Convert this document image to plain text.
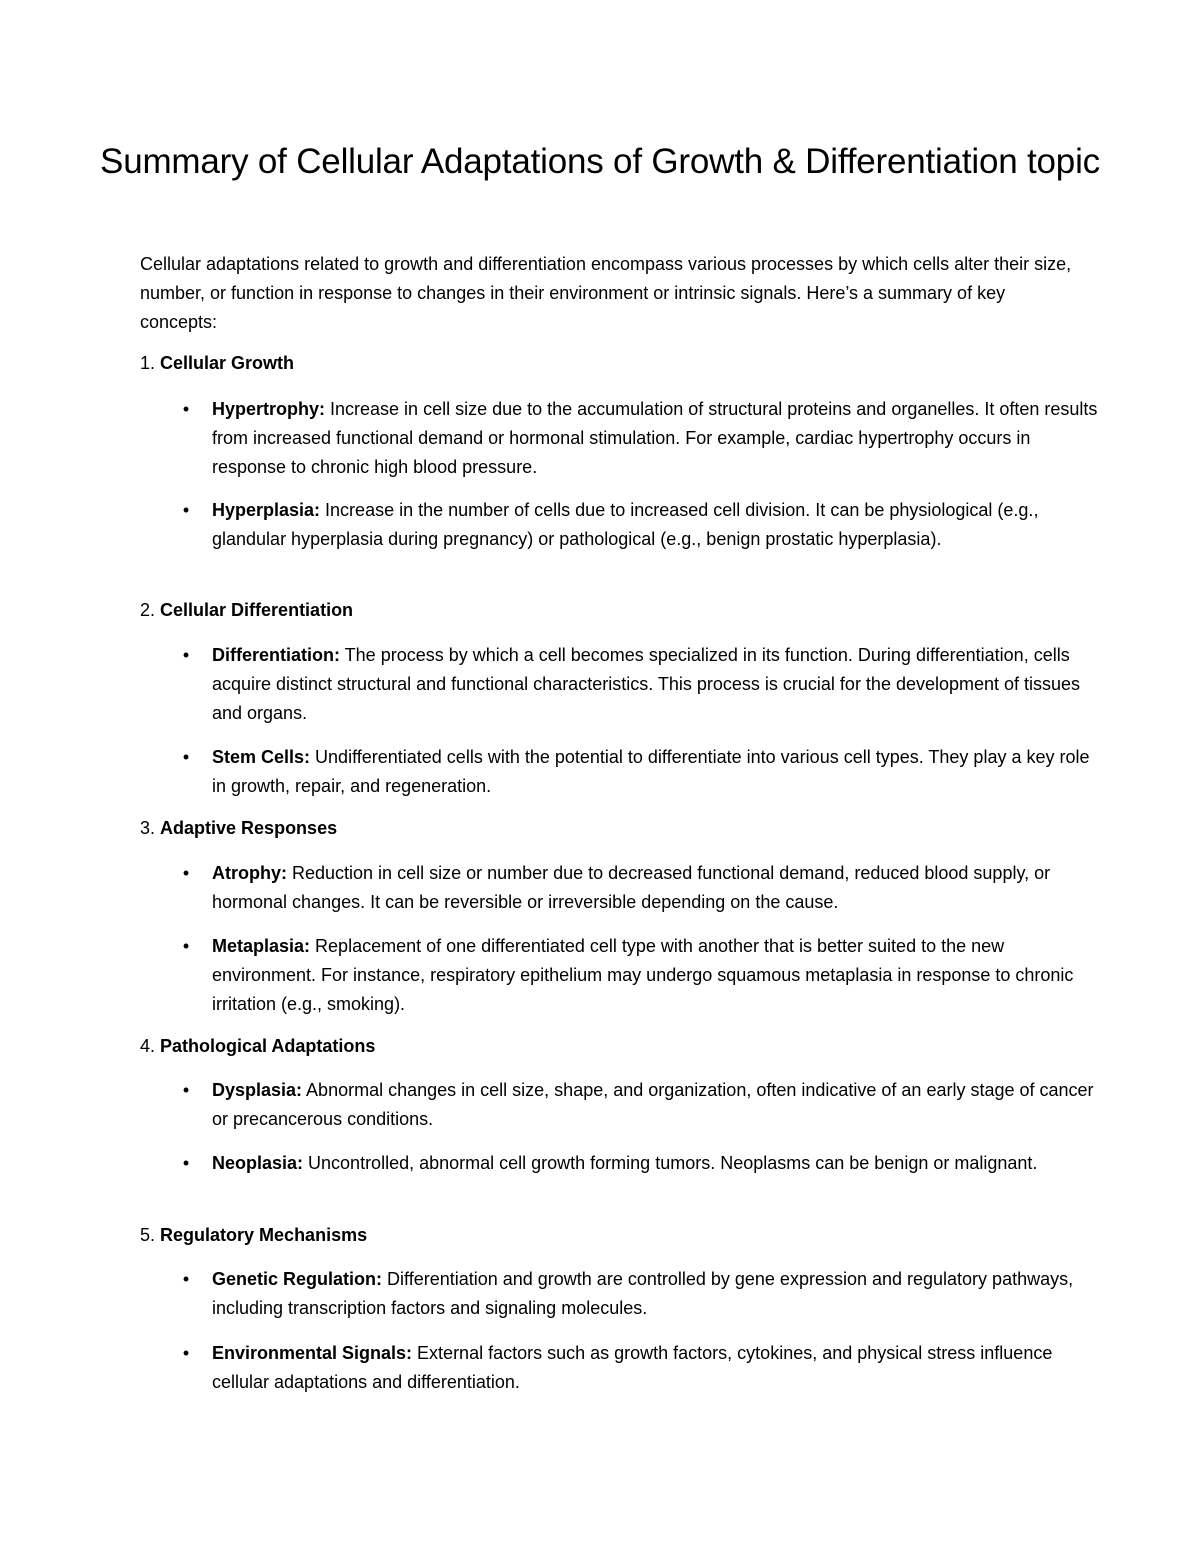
Summary of Cellular Adaptations of Growth & Differentiation topic

Cellular adaptations related to growth and differentiation encompass various processes by which cells alter their size, number, or function in response to changes in their environment or intrinsic signals. Here’s a summary of key concepts:

1. Cellular Growth

•	Hypertrophy: Increase in cell size due to the accumulation of structural proteins and organelles. It often results from increased functional demand or hormonal stimulation. For example, cardiac hypertrophy occurs in response to chronic high blood pressure.

•	Hyperplasia: Increase in the number of cells due to increased cell division. It can be physiological (e.g., glandular hyperplasia during pregnancy) or pathological (e.g., benign prostatic hyperplasia).

2. Cellular Differentiation

•	Differentiation: The process by which a cell becomes specialized in its function. During differentiation, cells acquire distinct structural and functional characteristics. This process is crucial for the development of tissues and organs.

•	Stem Cells: Undifferentiated cells with the potential to differentiate into various cell types. They play a key role in growth, repair, and regeneration.

3. Adaptive Responses

•	Atrophy: Reduction in cell size or number due to decreased functional demand, reduced blood supply, or hormonal changes. It can be reversible or irreversible depending on the cause.

•	Metaplasia: Replacement of one differentiated cell type with another that is better suited to the new environment. For instance, respiratory epithelium may undergo squamous metaplasia in response to chronic irritation (e.g., smoking).

4. Pathological Adaptations

•	Dysplasia: Abnormal changes in cell size, shape, and organization, often indicative of an early stage of cancer or precancerous conditions.

•	Neoplasia: Uncontrolled, abnormal cell growth forming tumors. Neoplasms can be benign or malignant.

5. Regulatory Mechanisms

•	Genetic Regulation: Differentiation and growth are controlled by gene expression and regulatory pathways, including transcription factors and signaling molecules.

•	Environmental Signals: External factors such as growth factors, cytokines, and physical stress influence cellular adaptations and differentiation.
